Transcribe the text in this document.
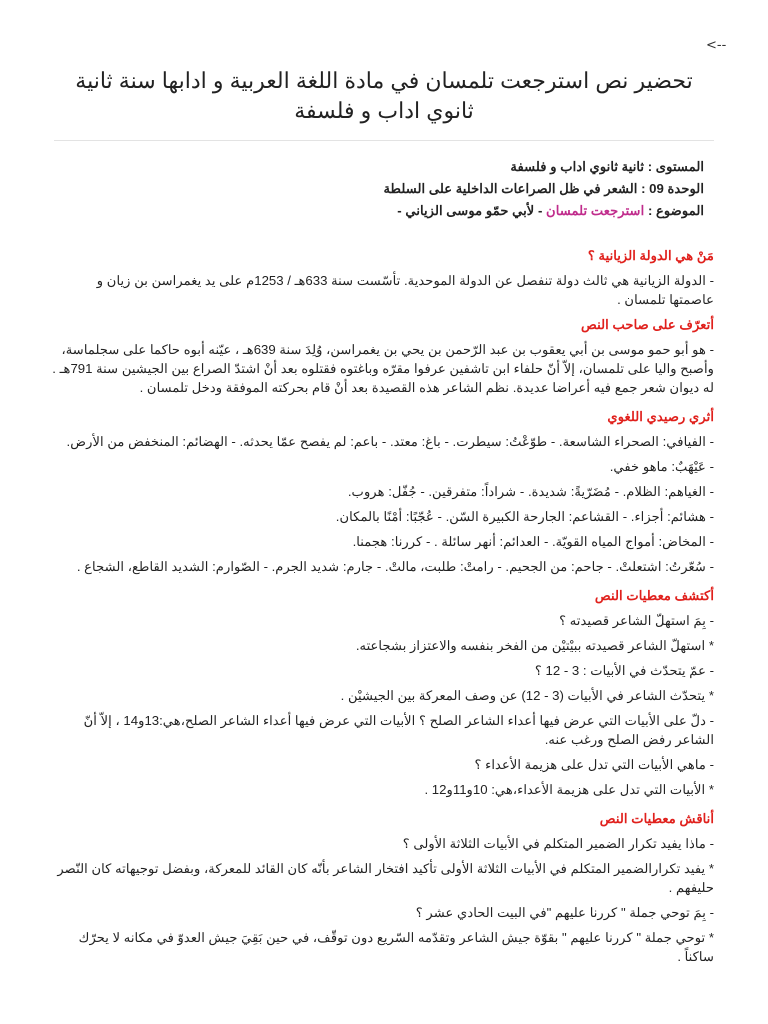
<--
تحضير نص استرجعت تلمسان في مادة اللغة العربية و ادابها سنة ثانية ثانوي اداب و فلسفة
المستوى : ثانية ثانوي اداب و فلسفة
الوحدة 09 : الشعر في ظل الصراعات الداخلية على السلطة
الموضوع : استرجعت تلمسان - لأبي حمّو موسى الزياني -
مَنْ هي الدولة الزيانية ؟
- الدولة الزيانية هي ثالث دولة تنفصل عن الدولة الموحدية. تأسّست سنة 633هـ / 1253م على يد يغمراسن بن زيان و عاصمتها تلمسان .
أتعرّف على صاحب النص
- هو أبو حمو موسى بن أبي يعقوب بن عبد الرّحمن بن يحي بن يغمراسن، وُلِدَ سنة 639هـ ، عيّنه أبوه حاكما على سجلماسة، وأصبح واليا على تلمسان، إلاّ أنّ حلفاء ابن تاشفين عرفوا مقرّه وباغتوه فقتلوه بعد أنْ اشتدّ الصراع بين الجيشين سنة 791هـ . له ديوان شعر جمع فيه أعراضا عديدة. نظم الشاعر هذه القصيدة بعد أنْ قام بحركته الموفقة ودخل تلمسان .
أثري رصيدي اللغوي
- الفيافي: الصحراء الشاسعة. - طوّعْتُ: سيطرت. - باغ: معتد. - باعم: لم يفصح عمّا يحدثه. - الهضائم: المنخفض من الأرض.
- عَيْهَبٌ: ماهو خفي.
- الغياهم: الظلام. - مُضَرّيةً: شديدة. - شراداً: متفرقين. - جُفّل: هروب.
- هشائم: أجزاء. - القشاعم: الجارحة الكبيرة السّن. - عُجّبًا: أمْنًا بالمكان.
- المخاض: أمواج المياه القويّة. - العدائم: أنهر سائلة . - كررنا: هجمنا.
- سُعّرتُ: اشتعلتْ. - جاحم: من الجحيم. - رامتْ: طلبت، مالتْ. - جارم: شديد الجرم. - الصّوارم: الشديد القاطع، الشجاع .
أكتشف معطيات النص
- بِمَ استهلّ الشاعر قصيدته ؟
* استهلّ الشاعر قصيدته ببيْتيْن من الفخر بنفسه والاعتزاز بشجاعته.
- عمّ يتحدّث في الأبيات : 3 - 12 ؟
* يتحدّث الشاعر في الأبيات (3 - 12) عن وصف المعركة بين الجيشيْن .
- دلّ على الأبيات التي عرض فيها أعداء الشاعر الصلح ؟ الأبيات التي عرض فيها أعداء الشاعر الصلح،هي:13و14 ، إلاّ أنّ الشاعر رفض الصلح ورغب عنه.
- ماهي الأبيات التي تدل على هزيمة الأعداء ؟
* الأبيات التي تدل على هزيمة الأعداء،هي: 10و11و12 .
أناقش معطيات النص
- ماذا يفيد تكرار الضمير المتكلم في الأبيات الثلاثة الأولى ؟
* يفيد تكرارالضمير المتكلم في الأبيات الثلاثة الأولى تأكيد افتخار الشاعر بأنّه كان القائد للمعركة، وبفضل توجيهاته كان النّصر حليفهم .
- بِمَ توحي جملة " كررنا عليهم "في البيت الحادي عشر ؟
* توحي جملة " كررنا عليهم " بقوّة جيش الشاعر وتقدّمه السّريع دون توقّف، في حين بَقِيَ جيش العدوّ في مكانه لا يحرّك ساكناً .
